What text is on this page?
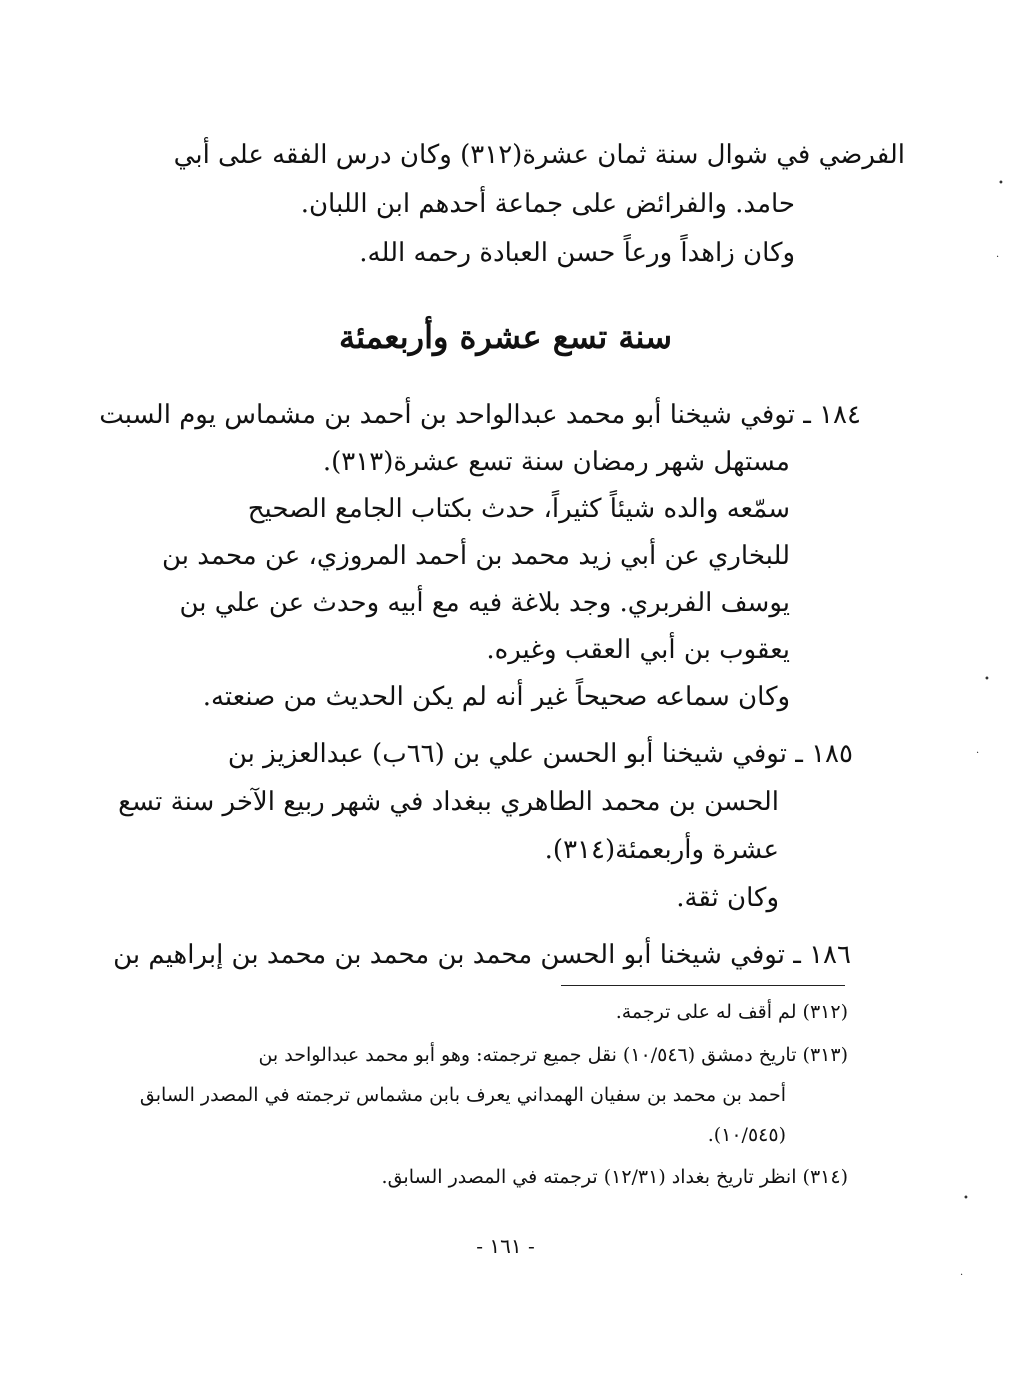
الفرضي في شوال سنة ثمان عشرة(٣١٢) وكان درس الفقه على أبي
حامد. والفرائض على جماعة أحدهم ابن اللبان.
وكان زاهداً ورعاً حسن العبادة رحمه الله.
سنة تسع عشرة وأربعمئة
١٨٤ ـ توفي شيخنا أبو محمد عبدالواحد بن أحمد بن مشماس يوم السبت
مستهل شهر رمضان سنة تسع عشرة(٣١٣).
سمّعه والده شيئاً كثيراً، حدث بكتاب الجامع الصحيح
للبخاري عن أبي زيد محمد بن أحمد المروزي، عن محمد بن
يوسف الفربري. وجد بلاغة فيه مع أبيه وحدث عن علي بن
يعقوب بن أبي العقب وغيره.
وكان سماعه صحيحاً غير أنه لم يكن الحديث من صنعته.
١٨٥ ـ توفي شيخنا أبو الحسن علي بن (٦٦ب) عبدالعزيز بن
الحسن بن محمد الطاهري ببغداد في شهر ربيع الآخر سنة تسع
عشرة وأربعمئة(٣١٤).
وكان ثقة.
١٨٦ ـ توفي شيخنا أبو الحسن محمد بن محمد بن محمد بن إبراهيم بن
(٣١٢) لم أقف له على ترجمة.
(٣١٣) تاريخ دمشق (١٠/٥٤٦) نقل جميع ترجمته: وهو أبو محمد عبدالواحد بن
أحمد بن محمد بن سفيان الهمداني يعرف بابن مشماس ترجمته في المصدر السابق
(١٠/٥٤٥).
(٣١٤) انظر تاريخ بغداد (١٢/٣١) ترجمته في المصدر السابق.
- ١٦١ -
•
·
•
·
•
·
